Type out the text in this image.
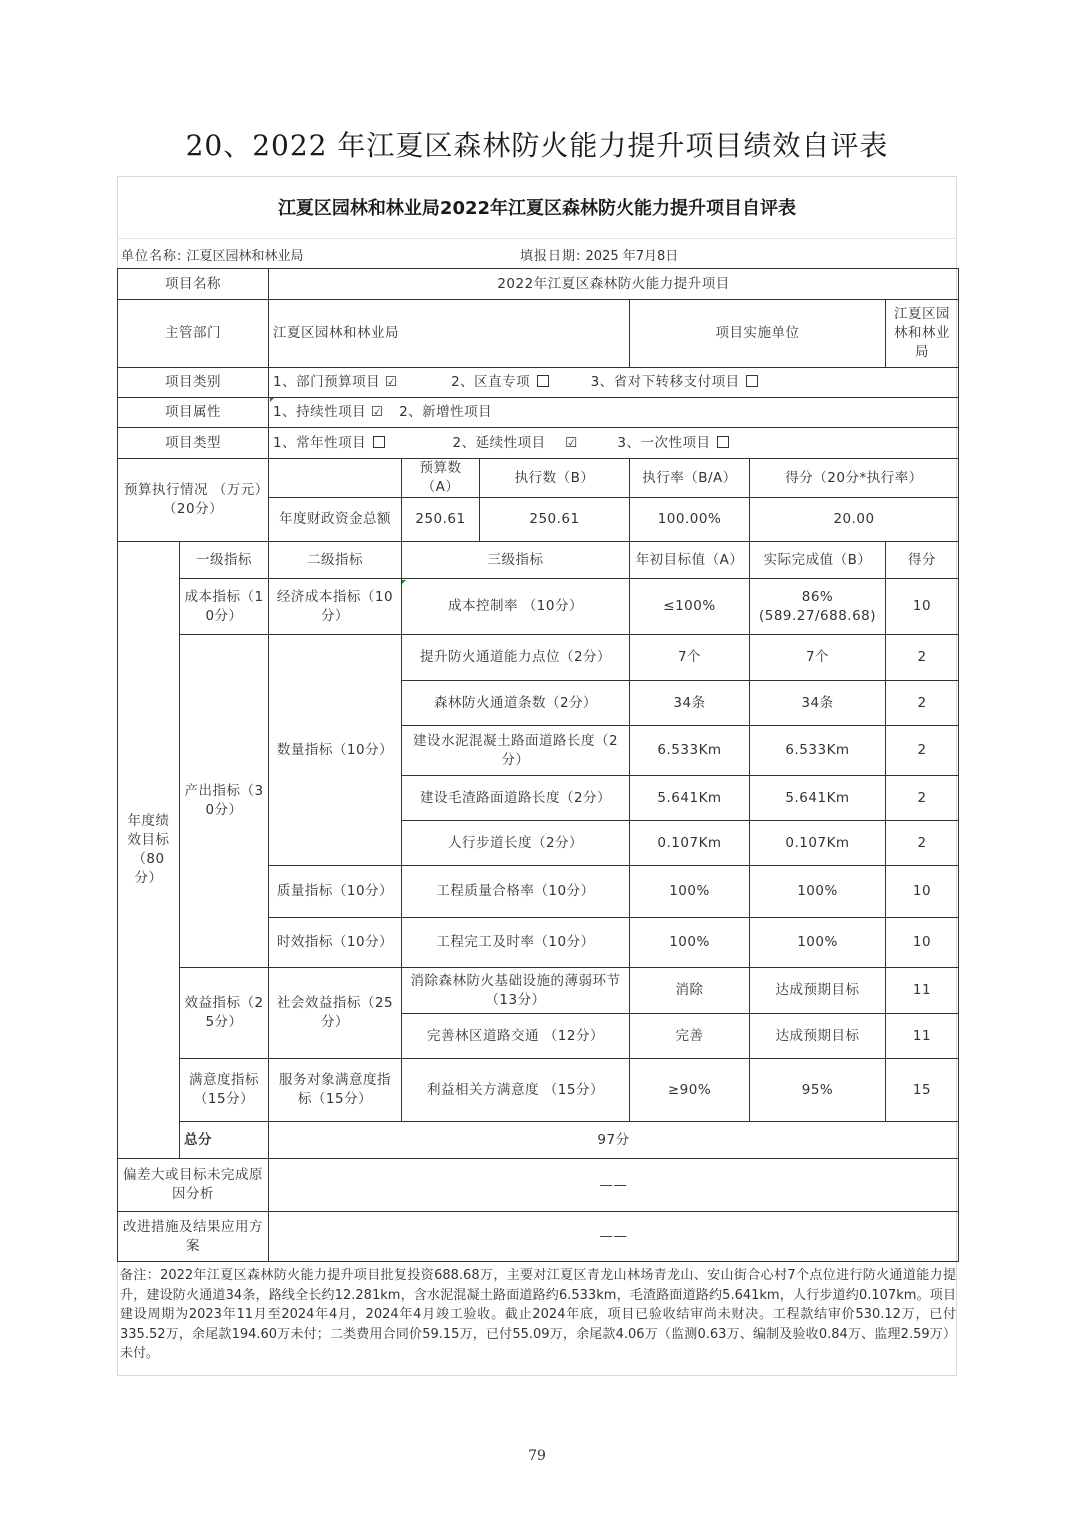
20、2022 年江夏区森林防火能力提升项目绩效自评表
江夏区园林和林业局2022年江夏区森林防火能力提升项目自评表
单位名称: 江夏区园林和林业局	填报日期: 2025 年7月8日
项目名称		2022年江夏区森林防火能力提升项目					
主管部门		江夏区园林和林业局			项目实施单位		江夏区园林和林业局
项目类别		1、部门预算项目 ☑ 2、区直专项 3、省对下转移支付项目					
项目属性		1、持续性项目 ☑ 2、新增性项目					
项目类型		1、常年性项目 2、延续性项目 ☑ 3、一次性项目					
预算执行情况 （万元）（20分）			预算数（A）	执行数（B）	执行率（B/A）	得分（20分*执行率）	
		年度财政资金总额	250.61	250.61	100.00%	20.00	
年度绩效目标（80分）	一级指标	二级指标	三级指标		年初目标值（A）	实际完成值（B）	得分
	成本指标（10分）	经济成本指标（10分）	成本控制率 （10分）		≤100%	86%
(589.27/688.68)	10
	产出指标（30分）	数量指标（10分）	提升防火通道能力点位（2分）		7个	7个	2
			森林防火通道条数（2分）		34条	34条	2
			建设水泥混凝土路面道路长度（2分）		6.533Km	6.533Km	2
			建设毛渣路面道路长度（2分）		5.641Km	5.641Km	2
			人行步道长度（2分）		0.107Km	0.107Km	2
		质量指标（10分）	工程质量合格率（10分）		100%	100%	10
		时效指标（10分）	工程完工及时率（10分）		100%	100%	10
	效益指标（25分）	社会效益指标（25分）	消除森林防火基础设施的薄弱环节（13分）		消除	达成预期目标	11
			完善林区道路交通 （12分）		完善	达成预期目标	11
	满意度指标（15分）	服务对象满意度指标（15分）	利益相关方满意度 （15分）		≥90%	95%	15
	总分	97分					
偏差大或目标未完成原因分析		——					
改进措施及结果应用方案		——					
备注：2022年江夏区森林防火能力提升项目批复投资688.68万，主要对江夏区青龙山林场青龙山、安山街合心村7个点位进行防火通道能力提升，建设防火通道34条，路线全长约12.281km，含水泥混凝土路面道路约6.533km，毛渣路面道路约5.641km，人行步道约0.107km。项目建设周期为2023年11月至2024年4月，2024年4月竣工验收。截止2024年底，项目已验收结审尚未财决。工程款结审价530.12万，已付335.52万，余尾款194.60万未付；二类费用合同价59.15万，已付55.09万，余尾款4.06万（监测0.63万、编制及验收0.84万、监理2.59万）未付。
79
